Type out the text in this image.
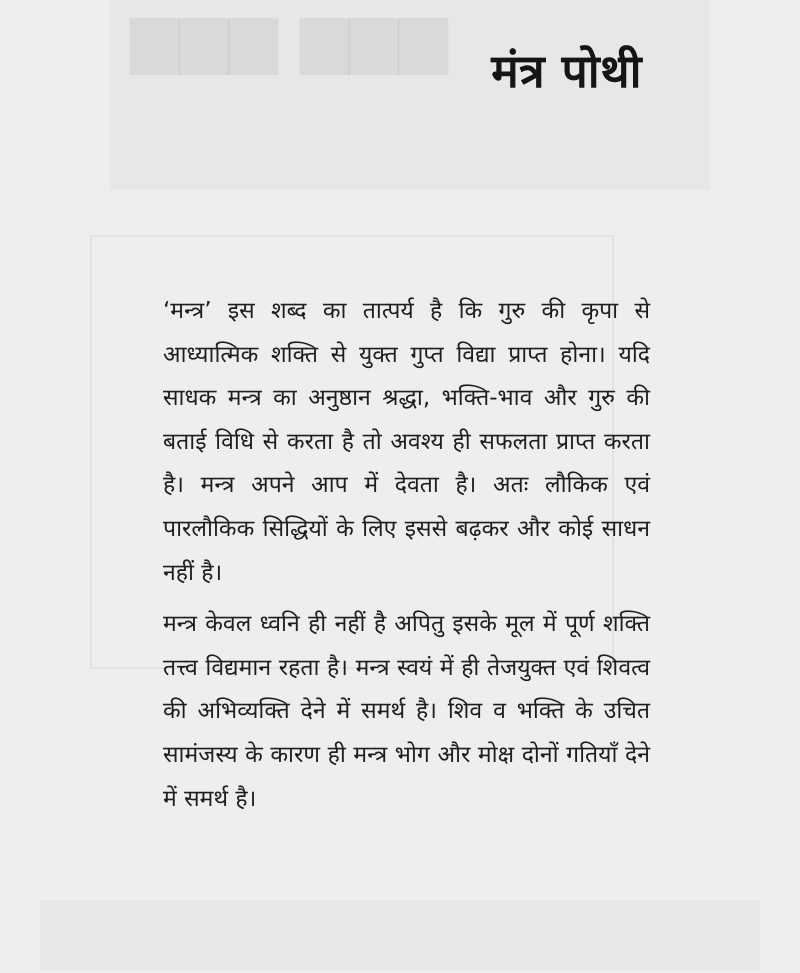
▆▆▆ ▆▆▆ मंत्र पोथी

‘मन्त्र’ इस शब्द का तात्पर्य है कि गुरु की कृपा से आध्यात्मिक शक्ति से युक्त गुप्त विद्या प्राप्त होना। यदि साधक मन्त्र का अनुष्ठान श्रद्धा, भक्ति-भाव और गुरु की बताई विधि से करता है तो अवश्य ही सफलता प्राप्त करता है। मन्त्र अपने आप में देवता है। अतः लौकिक एवं पारलौकिक सिद्धियों के लिए इससे बढ़कर और कोई साधन नहीं है।

मन्त्र केवल ध्वनि ही नहीं है अपितु इसके मूल में पूर्ण शक्ति तत्त्व विद्यमान रहता है। मन्त्र स्वयं में ही तेजयुक्त एवं शिवत्व की अभिव्यक्ति देने में समर्थ है। शिव व भक्ति के उचित सामंजस्य के कारण ही मन्त्र भोग और मोक्ष दोनों गतियाँ देने में समर्थ है।
